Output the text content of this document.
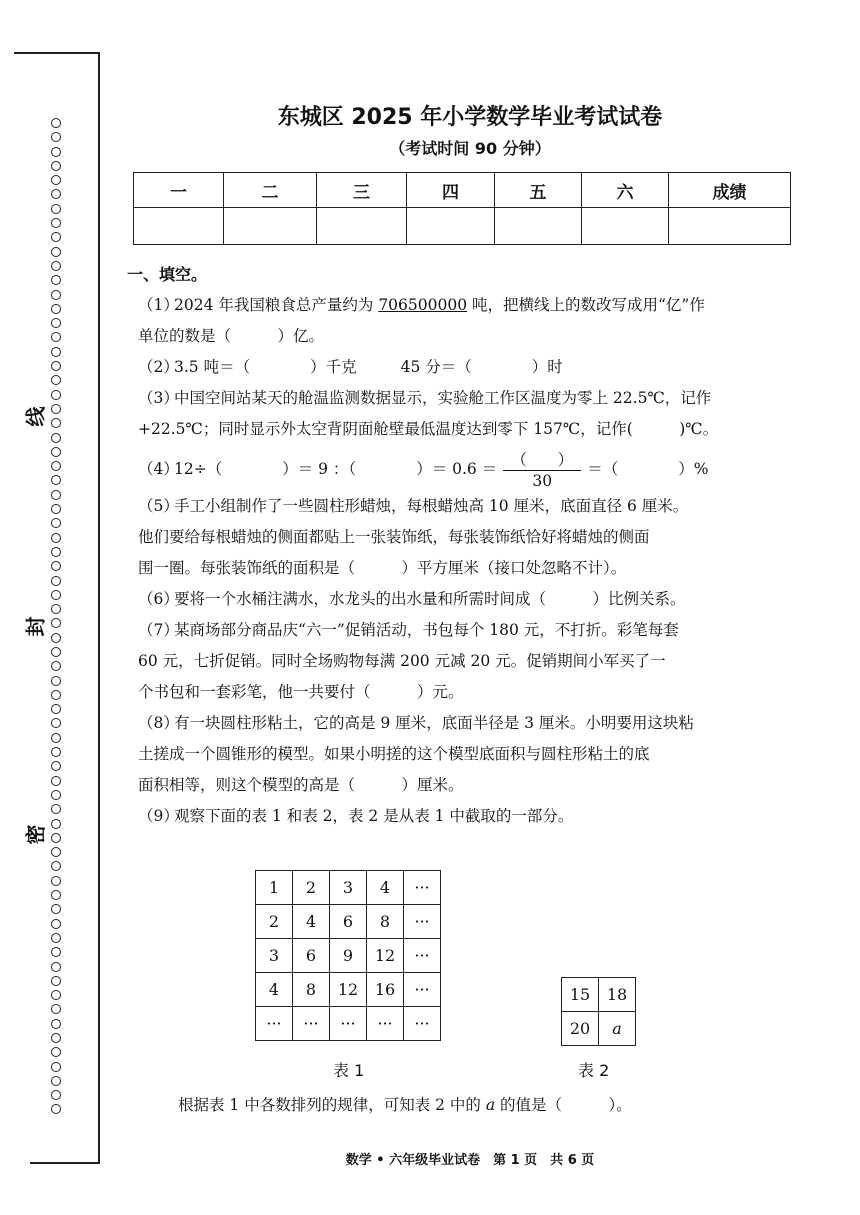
线
封
密
东城区 2025 年小学数学毕业考试试卷
（考试时间 90 分钟）
一	二	三	四	五	六	成绩

一、填空。

（1）2024 年我国粮食总产量约为 706500000 吨，把横线上的数改写成用“亿”作

单位的数是（　　　）亿。

（2）3.5 吨＝（	）千克	45 分＝（	）时

（3）中国空间站某天的舱温监测数据显示，实验舱工作区温度为零上 22.5℃，记作

+22.5℃；同时显示外太空背阴面舱壁最低温度达到零下 157℃，记作(　　　)℃。

（4）12÷（	）＝ 9 ：（	）＝ $0.6 = \frac{( )}{30}$ ＝（	）%

（5）手工小组制作了一些圆柱形蜡烛，每根蜡烛高 10 厘米，底面直径 6 厘米。

他们要给每根蜡烛的侧面都贴上一张装饰纸，每张装饰纸恰好将蜡烛的侧面

围一圈。每张装饰纸的面积是（　　　）平方厘米（接口处忽略不计）。

（6）要将一个水桶注满水，水龙头的出水量和所需时间成（　　　）比例关系。

（7）某商场部分商品庆“六一”促销活动，书包每个 180 元，不打折。彩笔每套

60 元，七折促销。同时全场购物每满 200 元减 20 元。促销期间小军买了一

个书包和一套彩笔，他一共要付（　　　）元。

（8）有一块圆柱形粘土，它的高是 9 厘米，底面半径是 3 厘米。小明要用这块粘

土搓成一个圆锥形的模型。如果小明搓的这个模型底面积与圆柱形粘土的底

面积相等，则这个模型的高是（　　　）厘米。

（9）观察下面的表 1 和表 2，表 2 是从表 1 中截取的一部分。

1	2	3	4	···
2	4	6	8	···
3	6	9	12	···
4	8	12	16	···
···	···	···	···	···
表 1
15	18
20	a
表 2
根据表 1 中各数排列的规律，可知表 2 中的 a 的值是（　　　）。
数学 • 六年级毕业试卷　第 1 页　共 6 页
